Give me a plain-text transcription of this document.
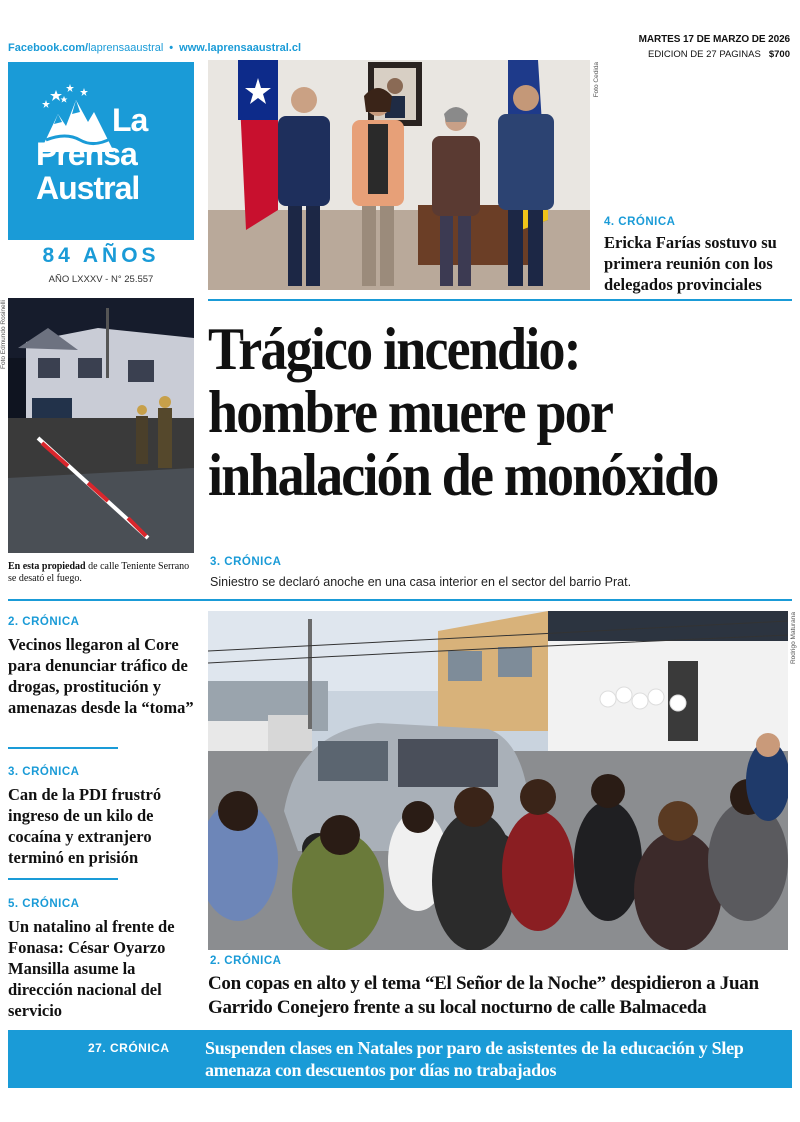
Facebook.com/laprensaaustral • www.laprensaaustral.cl
MARTES 17 DE MARZO DE 2026
EDICION DE 27 PAGINAS $700
La
Prensa
Austral
84 AÑOS
AÑO LXXXV - N° 25.557
Foto Cedida
4. CRÓNICA
Ericka Farías sostuvo su primera reunión con los delegados provinciales
Foto Edmundo Rosinelli
En esta propiedad de calle Teniente Serrano se desató el fuego.
Trágico incendio:
hombre muere por
inhalación de monóxido
3. CRÓNICA
Siniestro se declaró anoche en una casa interior en el sector del barrio Prat.
2. CRÓNICA
Vecinos llegaron al Core para denunciar tráfico de drogas, prostitución y amenazas desde la “toma”
3. CRÓNICA
Can de la PDI frustró ingreso de un kilo de cocaína y extranjero terminó en prisión
5. CRÓNICA
Un natalino al frente de Fonasa: César Oyarzo Mansilla asume la dirección nacional del servicio
Rodrigo Maturana
2. CRÓNICA
Con copas en alto y el tema “El Señor de la Noche” despidieron a Juan Garrido Conejero frente a su local nocturno de calle Balmaceda
27. CRÓNICA Suspenden clases en Natales por paro de asistentes de la educación y Slep amenaza con descuentos por días no trabajados
